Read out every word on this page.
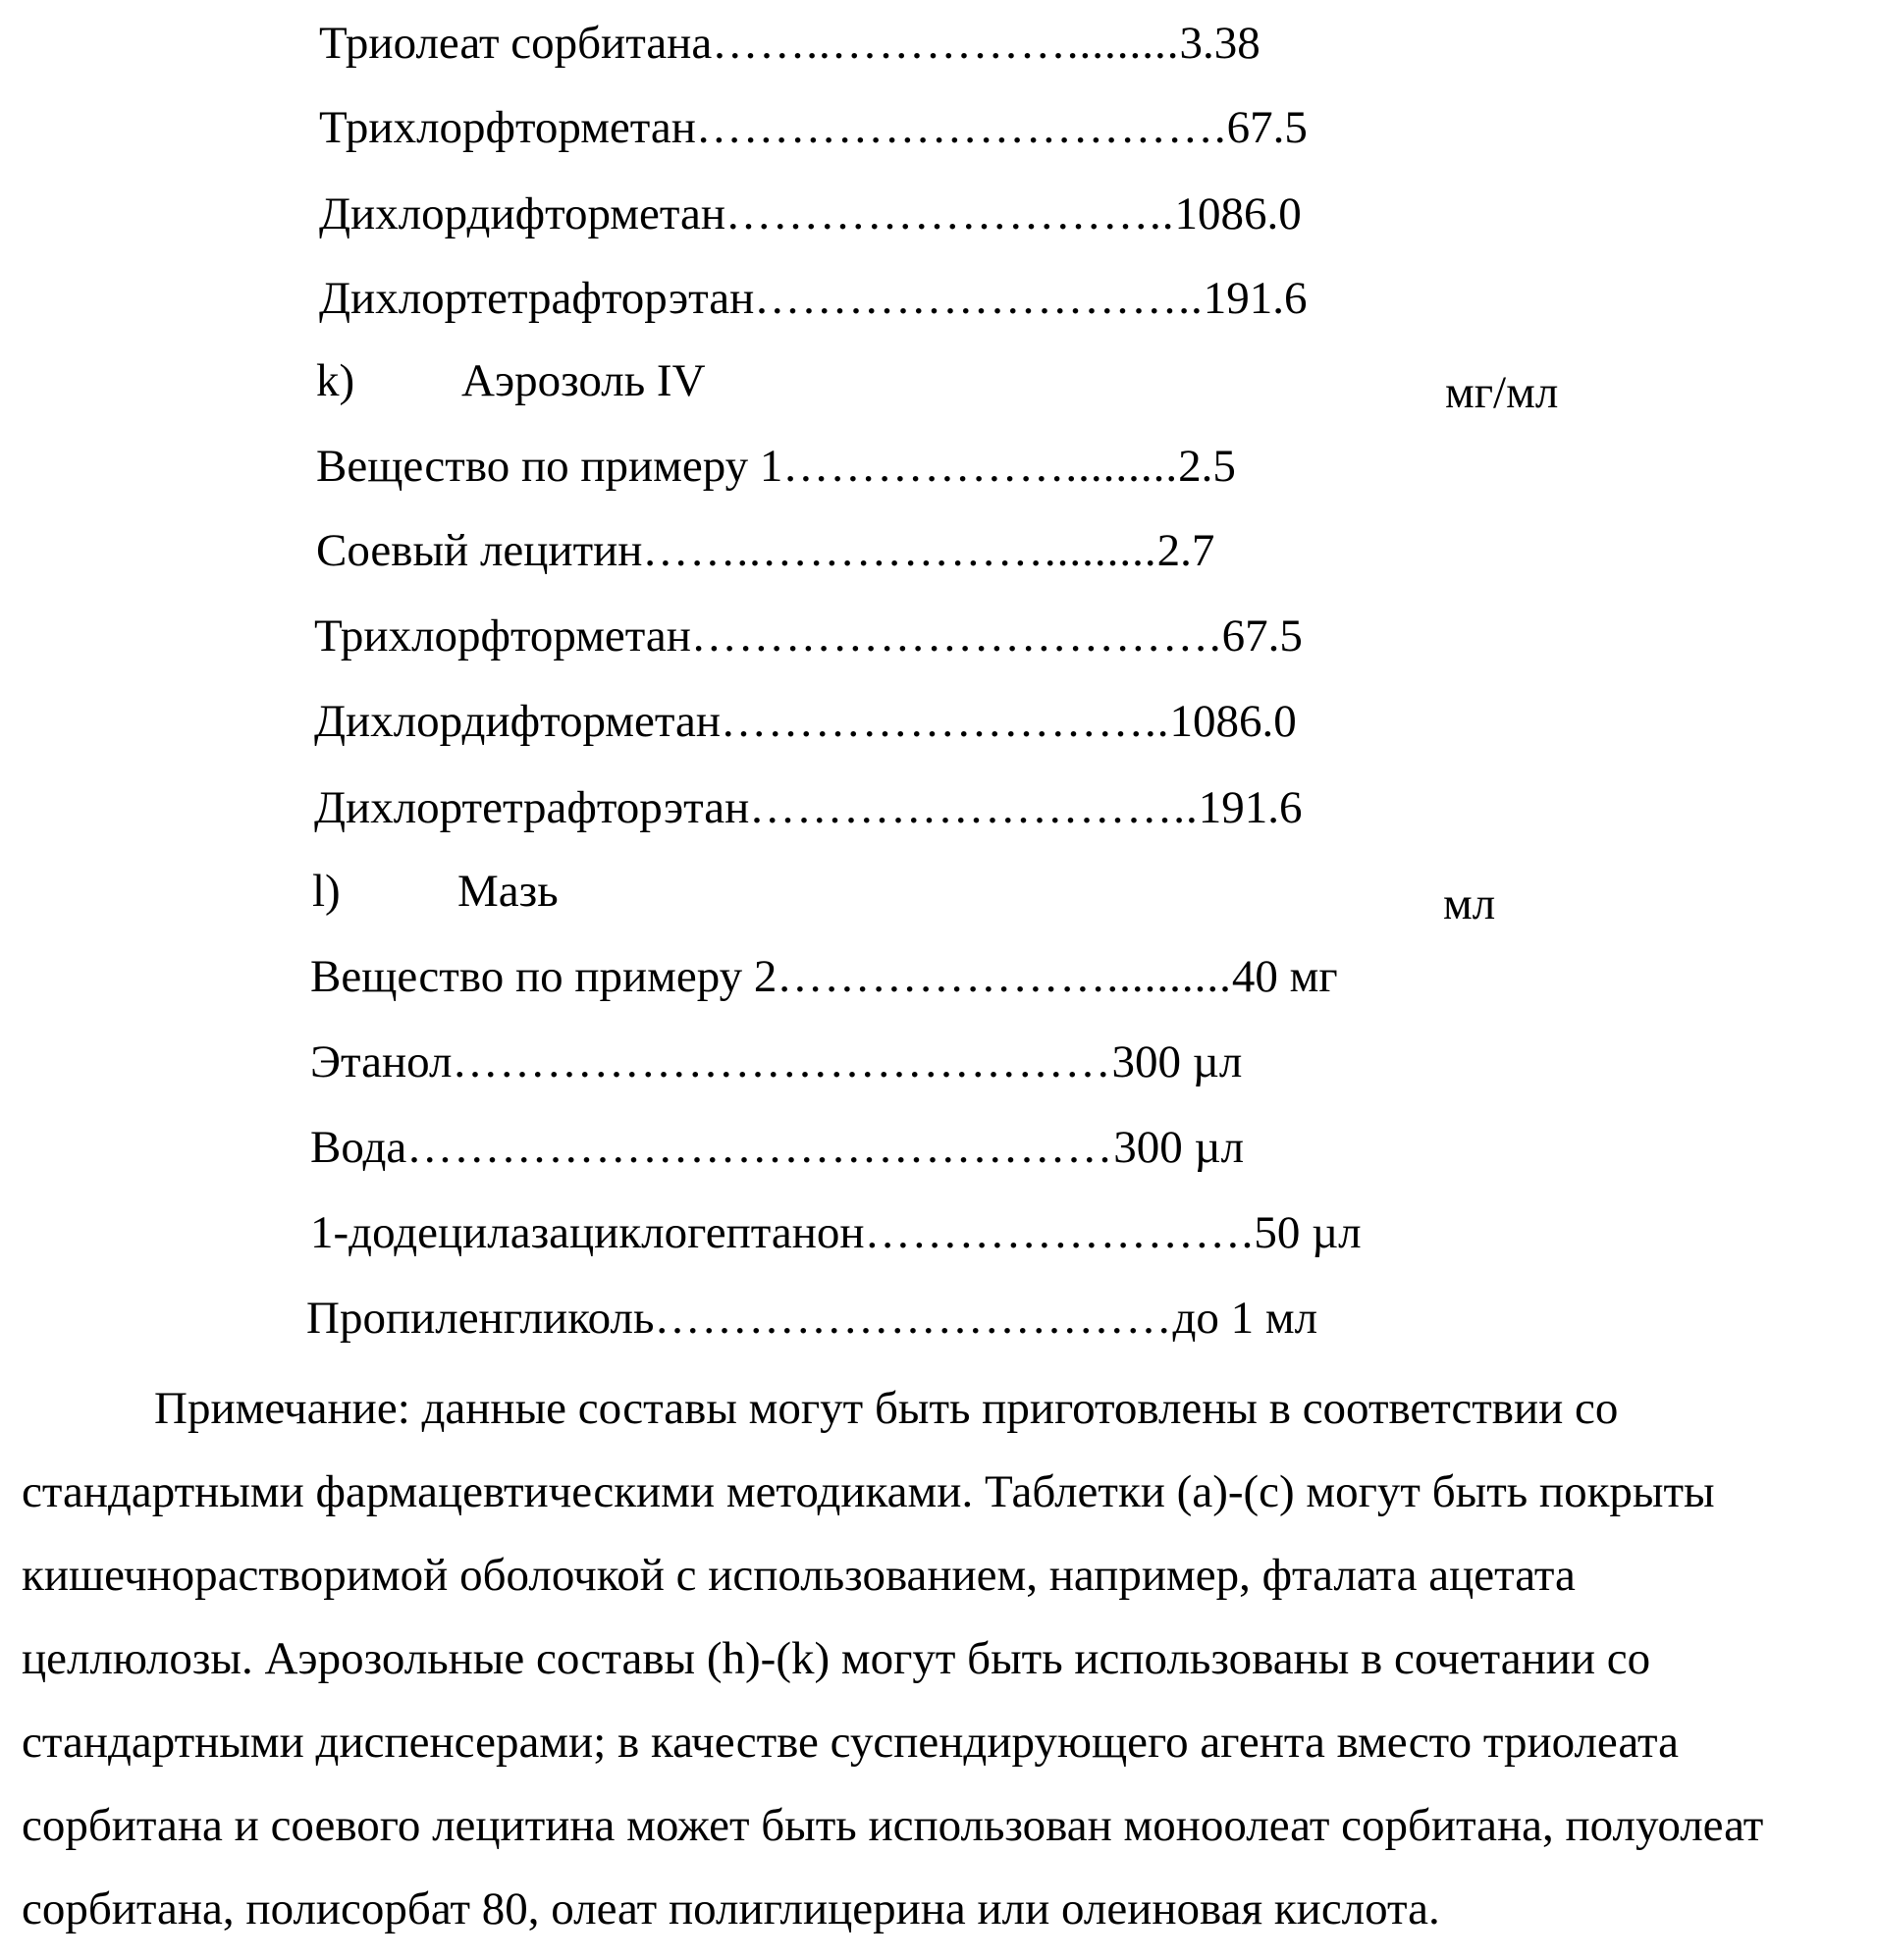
Триолеат сорбитана……..…………….........3.38
Трихлорфторметан…………………………….67.5
Дихлордифторметан………………………..1086.0
Дихлортетрафторэтан………………………..191.6
k) Аэрозоль IV	мг/мл
Вещество по примеру 1……………….........2.5
Соевый лецитин……..……………….........2.7
Трихлорфторметан…………………………….67.5
Дихлордифторметан………………………..1086.0
Дихлортетрафторэтан………………………..191.6
l)	Мазь	мл
Вещество по примеру 2…………………..........40 мг
Этанол……………………………………300 µл
Вода………………………………………300 µл
1-додецилазациклогептанон…………………….50 µл
Пропиленгликоль……………………………до 1 мл

Примечание: данные составы могут быть приготовлены в соответствии со
стандартными фармацевтическими методиками. Таблетки (a)-(c) могут быть покрыты
кишечнорастворимой оболочкой с использованием, например, фталата ацетата
целлюлозы. Аэрозольные составы (h)-(k) могут быть использованы в сочетании со
стандартными диспенсерами; в качестве суспендирующего агента вместо триолеата
сорбитана и соевого лецитина может быть использован моноолеат сорбитана, полуолеат
сорбитана, полисорбат 80, олеат полиглицерина или олеиновая кислота.
